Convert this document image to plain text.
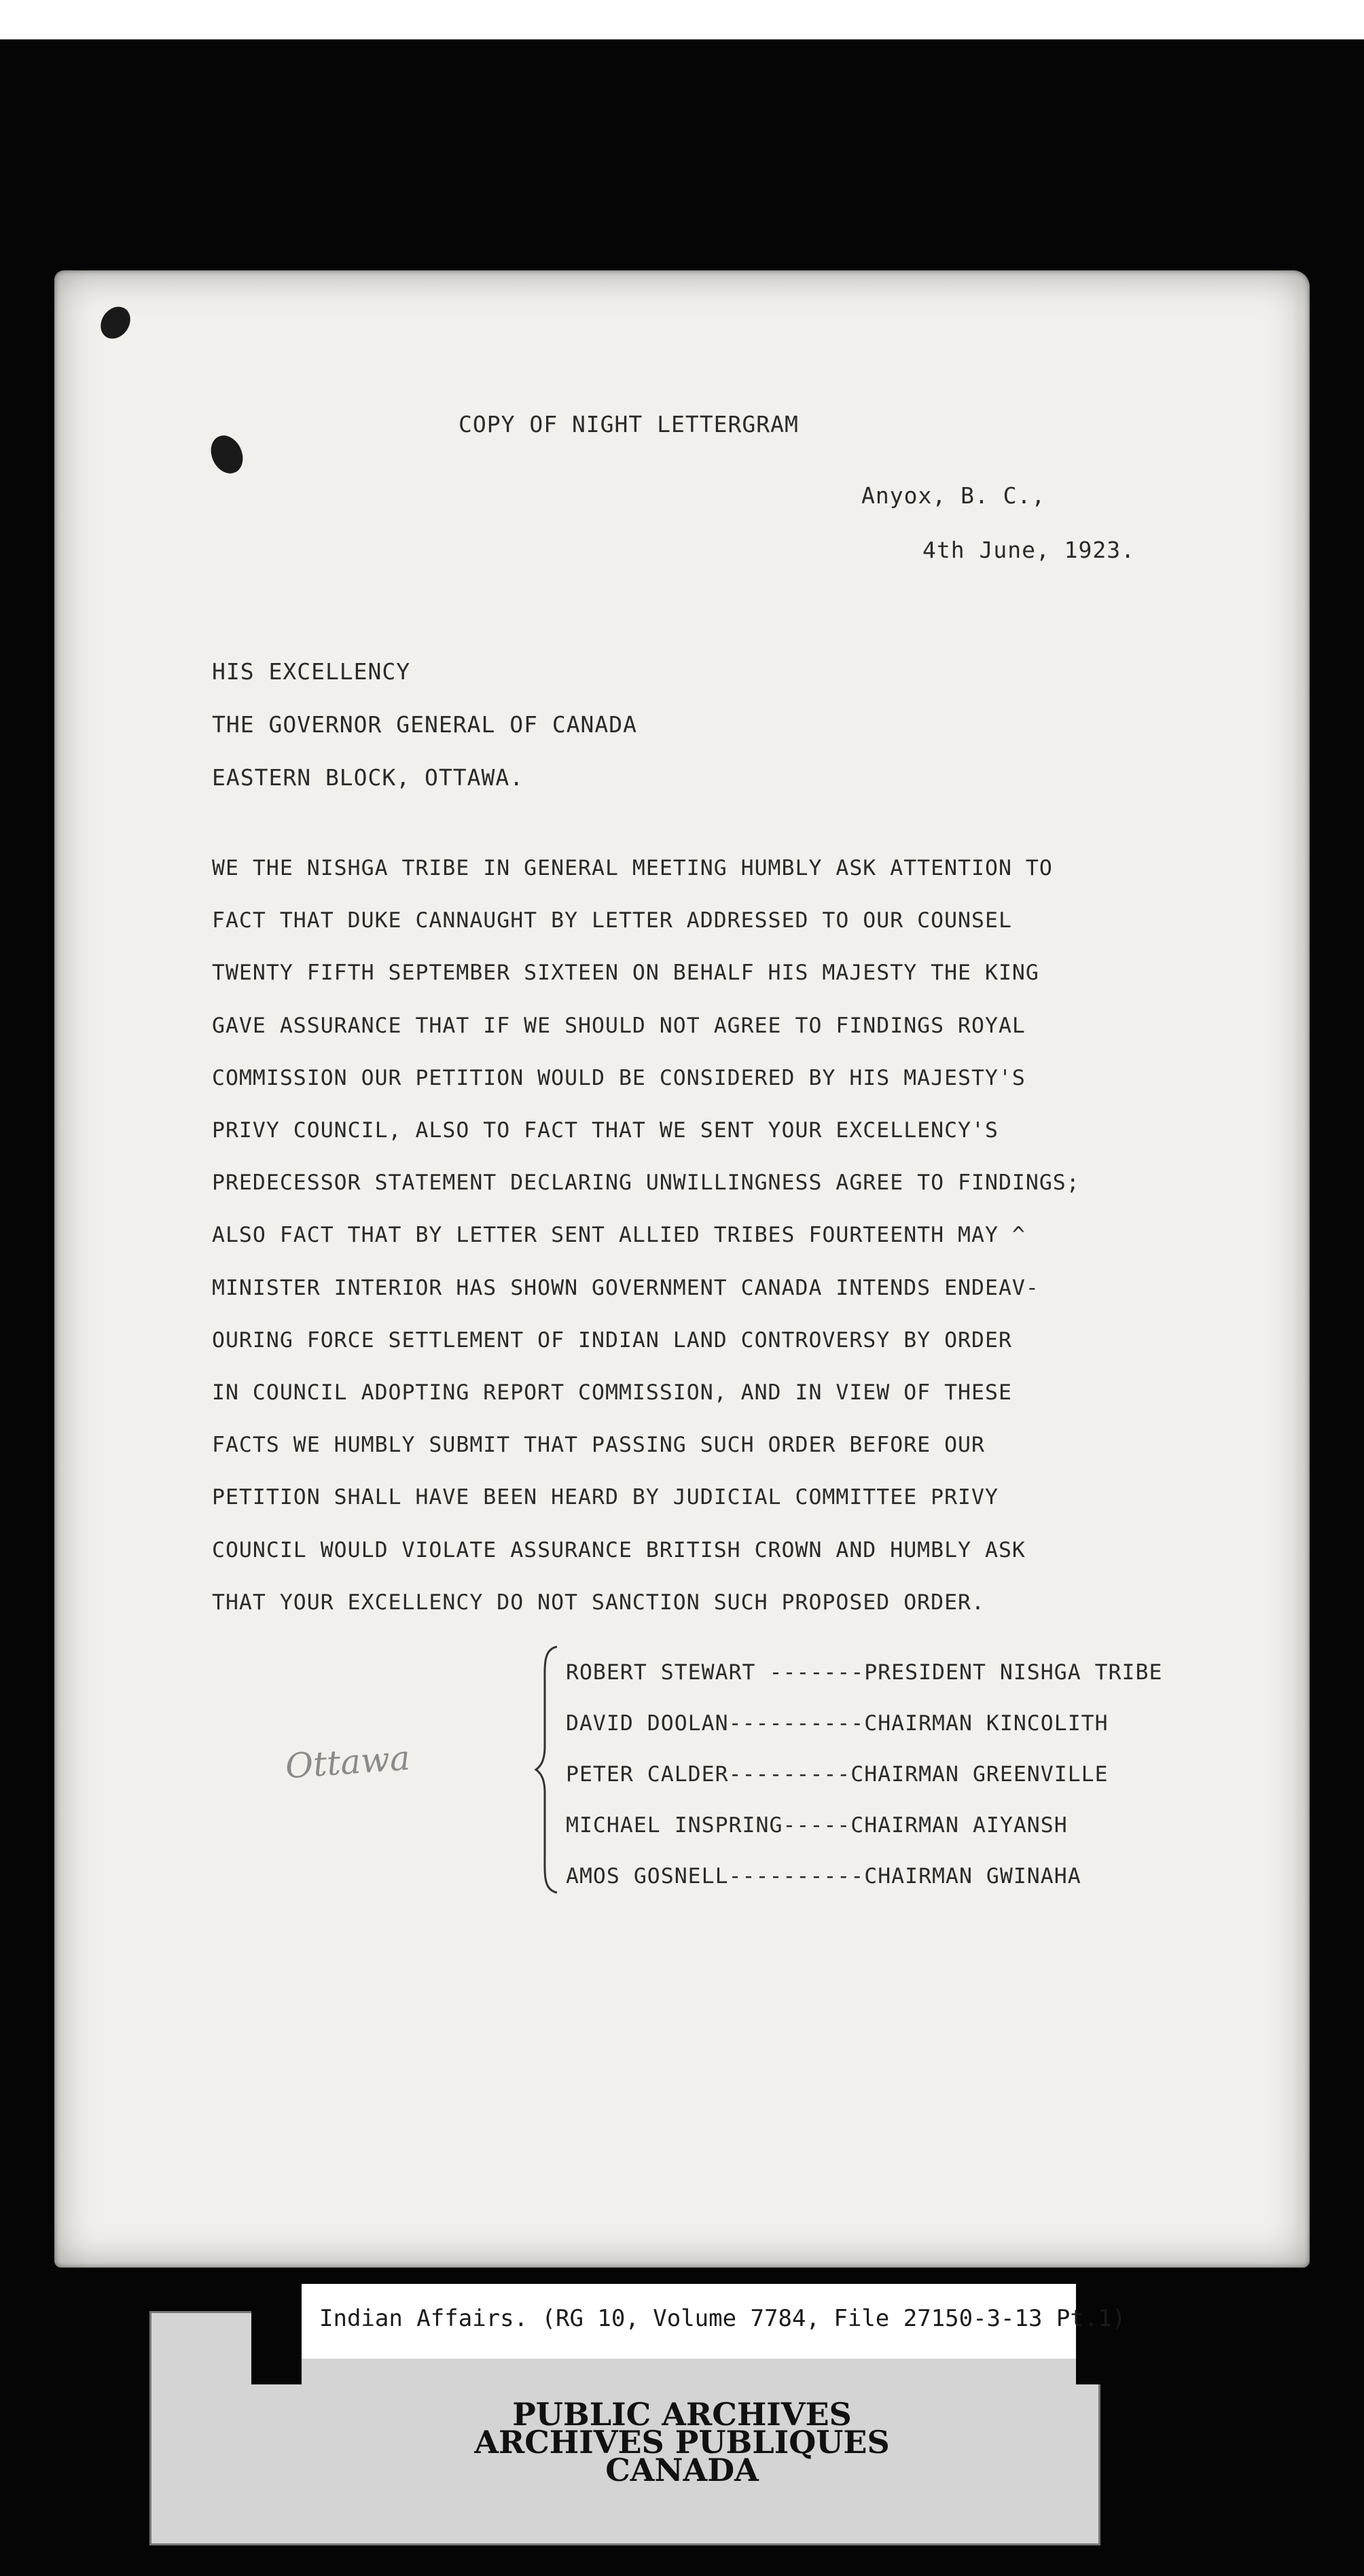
COPY OF NIGHT LETTERGRAM
Anyox, B. C.,
4th June, 1923.
HIS EXCELLENCY
THE GOVERNOR GENERAL OF CANADA
EASTERN BLOCK, OTTAWA.
WE THE NISHGA TRIBE IN GENERAL MEETING HUMBLY ASK ATTENTION TO
FACT THAT DUKE CANNAUGHT BY LETTER ADDRESSED TO OUR COUNSEL
TWENTY FIFTH SEPTEMBER SIXTEEN ON BEHALF HIS MAJESTY THE KING
GAVE ASSURANCE THAT IF WE SHOULD NOT AGREE TO FINDINGS ROYAL
COMMISSION OUR PETITION WOULD BE CONSIDERED BY HIS MAJESTY'S
PRIVY COUNCIL, ALSO TO FACT THAT WE SENT YOUR EXCELLENCY'S
PREDECESSOR STATEMENT DECLARING UNWILLINGNESS AGREE TO FINDINGS;
ALSO FACT THAT BY LETTER SENT ALLIED TRIBES FOURTEENTH MAY ^
MINISTER INTERIOR HAS SHOWN GOVERNMENT CANADA INTENDS ENDEAV-
OURING FORCE SETTLEMENT OF INDIAN LAND CONTROVERSY BY ORDER
IN COUNCIL ADOPTING REPORT COMMISSION, AND IN VIEW OF THESE
FACTS WE HUMBLY SUBMIT THAT PASSING SUCH ORDER BEFORE OUR
PETITION SHALL HAVE BEEN HEARD BY JUDICIAL COMMITTEE PRIVY
COUNCIL WOULD VIOLATE ASSURANCE BRITISH CROWN AND HUMBLY ASK
THAT YOUR EXCELLENCY DO NOT SANCTION SUCH PROPOSED ORDER.
ROBERT STEWART -------PRESIDENT NISHGA TRIBE
DAVID DOOLAN----------CHAIRMAN KINCOLITH
PETER CALDER---------CHAIRMAN GREENVILLE
MICHAEL INSPRING-----CHAIRMAN AIYANSH
AMOS GOSNELL----------CHAIRMAN GWINAHA
Ottawa
Indian Affairs. (RG 10, Volume 7784, File 27150-3-13 Pt.1)
PUBLIC ARCHIVES
ARCHIVES PUBLIQUES
CANADA
